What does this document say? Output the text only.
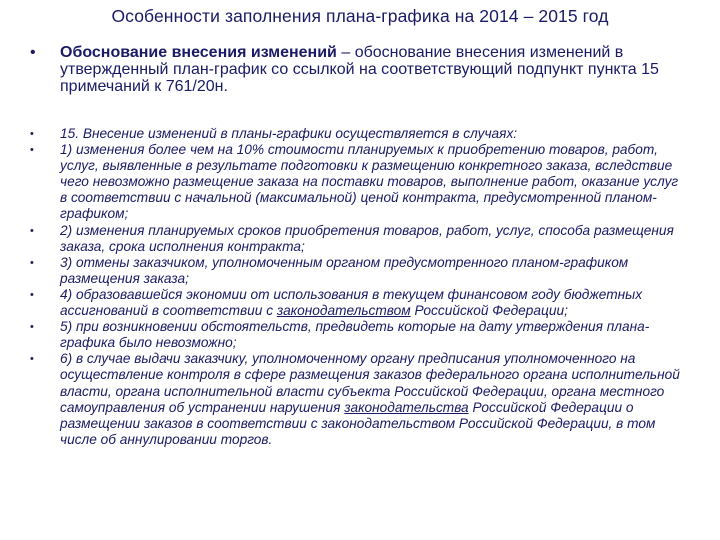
Особенности заполнения плана-графика на 2014 – 2015 год
•	Обоснование внесения изменений – обоснование внесения изменений в утвержденный план-график со ссылкой на соответствующий подпункт пункта 15 примечаний к 761/20н.
•	15. Внесение изменений в планы-графики осуществляется в случаях:
•	1) изменения более чем на 10% стоимости планируемых к приобретению товаров, работ, услуг, выявленные в результате подготовки к размещению конкретного заказа, вследствие чего невозможно размещение заказа на поставки товаров, выполнение работ, оказание услуг в соответствии с начальной (максимальной) ценой контракта, предусмотренной планом-графиком;
•	2) изменения планируемых сроков приобретения товаров, работ, услуг, способа размещения заказа, срока исполнения контракта;
•	3) отмены заказчиком, уполномоченным органом предусмотренного планом-графиком размещения заказа;
•	4) образовавшейся экономии от использования в текущем финансовом году бюджетных ассигнований в соответствии с законодательством Российской Федерации;
•	5) при возникновении обстоятельств, предвидеть которые на дату утверждения плана-графика было невозможно;
•	6) в случае выдачи заказчику, уполномоченному органу предписания уполномоченного на осуществление контроля в сфере размещения заказов федерального органа исполнительной власти, органа исполнительной власти субъекта Российской Федерации, органа местного самоуправления об устранении нарушения законодательства Российской Федерации о размещении заказов в соответствии с законодательством Российской Федерации, в том числе об аннулировании торгов.
